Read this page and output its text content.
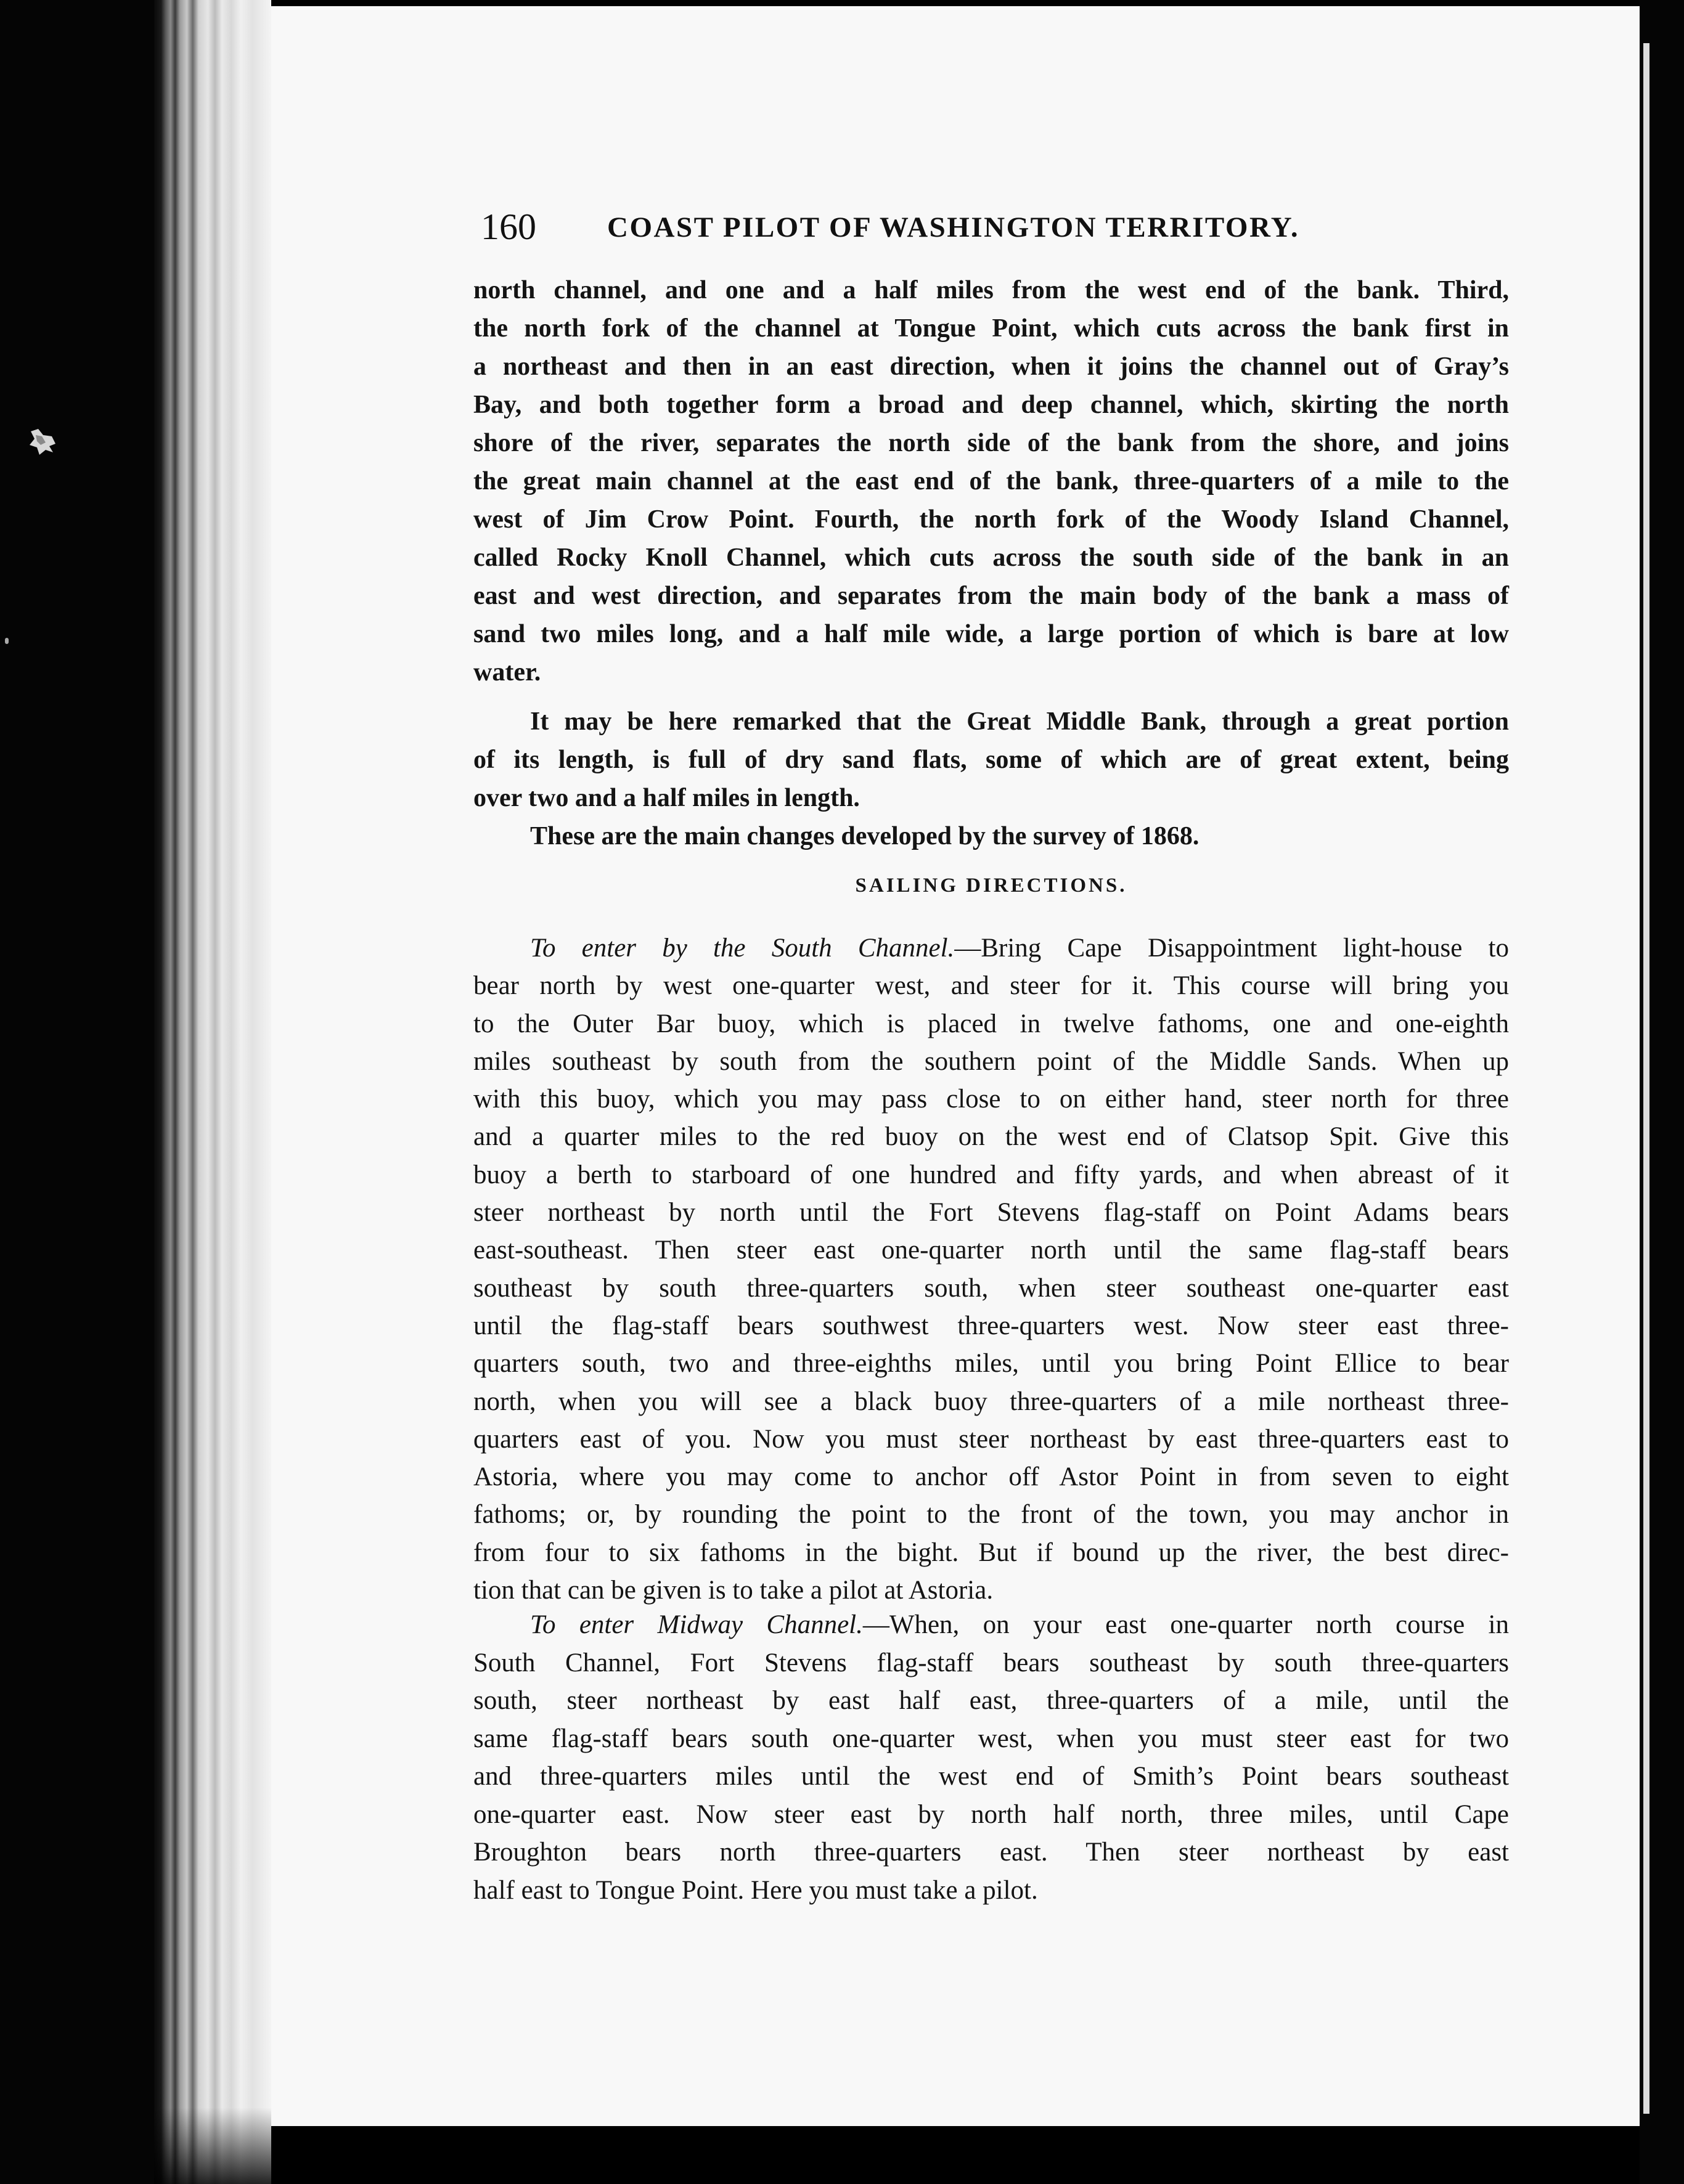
160 COAST PILOT OF WASHINGTON TERRITORY.
north channel, and one and a half miles from the west end of the bank. Third,
the north fork of the channel at Tongue Point, which cuts across the bank first in
a northeast and then in an east direction, when it joins the channel out of Gray’s
Bay, and both together form a broad and deep channel, which, skirting the north
shore of the river, separates the north side of the bank from the shore, and joins
the great main channel at the east end of the bank, three-quarters of a mile to the
west of Jim Crow Point. Fourth, the north fork of the Woody Island Channel,
called Rocky Knoll Channel, which cuts across the south side of the bank in an
east and west direction, and separates from the main body of the bank a mass of
sand two miles long, and a half mile wide, a large portion of which is bare at low
water.
It may be here remarked that the Great Middle Bank, through a great portion
of its length, is full of dry sand flats, some of which are of great extent, being
over two and a half miles in length.
These are the main changes developed by the survey of 1868.
SAILING DIRECTIONS.
To enter by the South Channel.—Bring Cape Disappointment light-house to
bear north by west one-quarter west, and steer for it. This course will bring you
to the Outer Bar buoy, which is placed in twelve fathoms, one and one-eighth
miles southeast by south from the southern point of the Middle Sands. When up
with this buoy, which you may pass close to on either hand, steer north for three
and a quarter miles to the red buoy on the west end of Clatsop Spit. Give this
buoy a berth to starboard of one hundred and fifty yards, and when abreast of it
steer northeast by north until the Fort Stevens flag-staff on Point Adams bears
east-southeast. Then steer east one-quarter north until the same flag-staff bears
southeast by south three-quarters south, when steer southeast one-quarter east
until the flag-staff bears southwest three-quarters west. Now steer east three-
quarters south, two and three-eighths miles, until you bring Point Ellice to bear
north, when you will see a black buoy three-quarters of a mile northeast three-
quarters east of you. Now you must steer northeast by east three-quarters east to
Astoria, where you may come to anchor off Astor Point in from seven to eight
fathoms; or, by rounding the point to the front of the town, you may anchor in
from four to six fathoms in the bight. But if bound up the river, the best direc-
tion that can be given is to take a pilot at Astoria.
To enter Midway Channel.—When, on your east one-quarter north course in
South Channel, Fort Stevens flag-staff bears southeast by south three-quarters
south, steer northeast by east half east, three-quarters of a mile, until the
same flag-staff bears south one-quarter west, when you must steer east for two
and three-quarters miles until the west end of Smith’s Point bears southeast
one-quarter east. Now steer east by north half north, three miles, until Cape
Broughton bears north three-quarters east. Then steer northeast by east
half east to Tongue Point. Here you must take a pilot.
